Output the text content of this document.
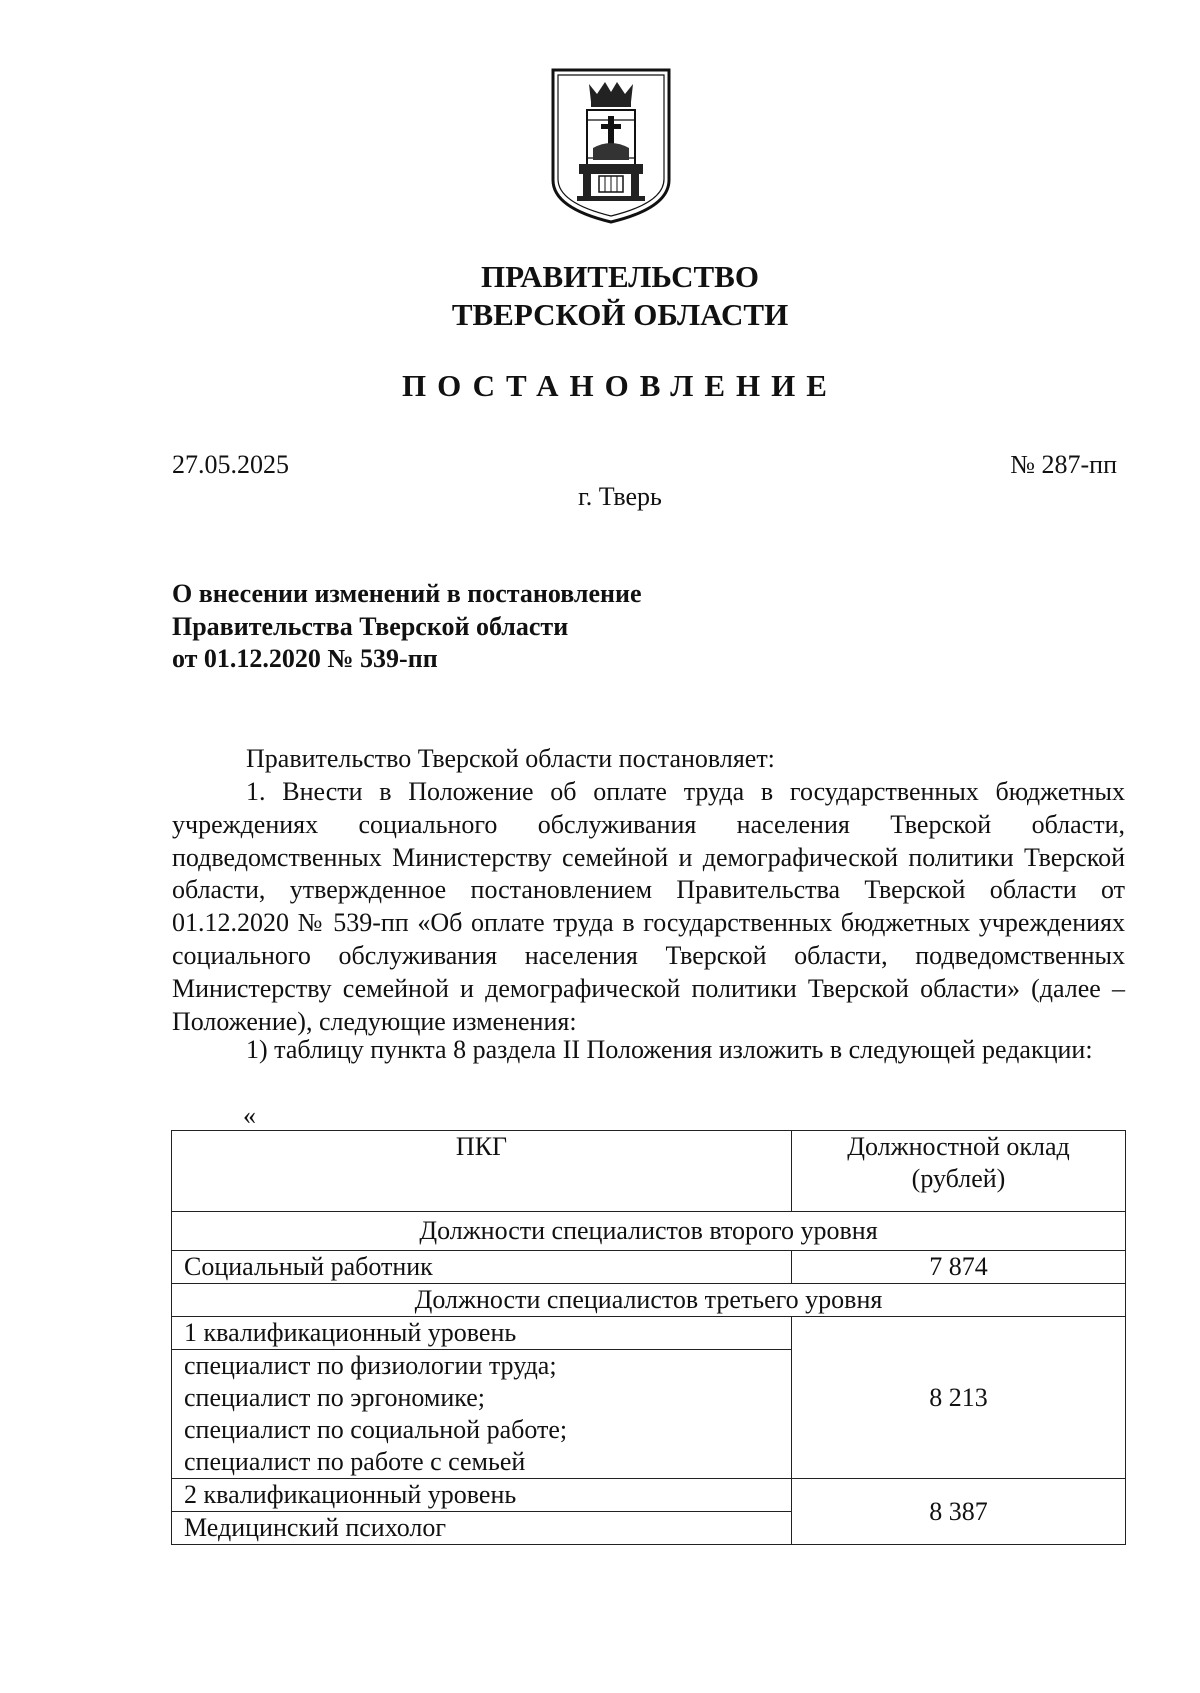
ПРАВИТЕЛЬСТВО
ТВЕРСКОЙ ОБЛАСТИ
ПОСТАНОВЛЕНИЕ
27.05.2025	№ 287-пп
г. Тверь
О внесении изменений в постановление
Правительства Тверской области
от 01.12.2020 № 539-пп
Правительство Тверской области постановляет:
1. Внести в Положение об оплате труда в государственных бюджетных учреждениях социального обслуживания населения Тверской области, подведомственных Министерству семейной и демографической политики Тверской области, утвержденное постановлением Правительства Тверской области от 01.12.2020 № 539-пп «Об оплате труда в государственных бюджетных учреждениях социального обслуживания населения Тверской области, подведомственных Министерству семейной и демографической политики Тверской области» (далее – Положение), следующие изменения:
1) таблицу пункта 8 раздела II Положения изложить в следующей редакции:
«
ПКГ	Должностной оклад
(рублей)

Должности специалистов второго уровня	
Социальный работник	7 874
Должности специалистов третьего уровня	
1 квалификационный уровень	8 213

специалист по физиологии труда;
специалист по эргономике;
специалист по социальной работе;
специалист по работе с семьей	

2 квалификационный уровень	8 387
Медицинский психолог	
